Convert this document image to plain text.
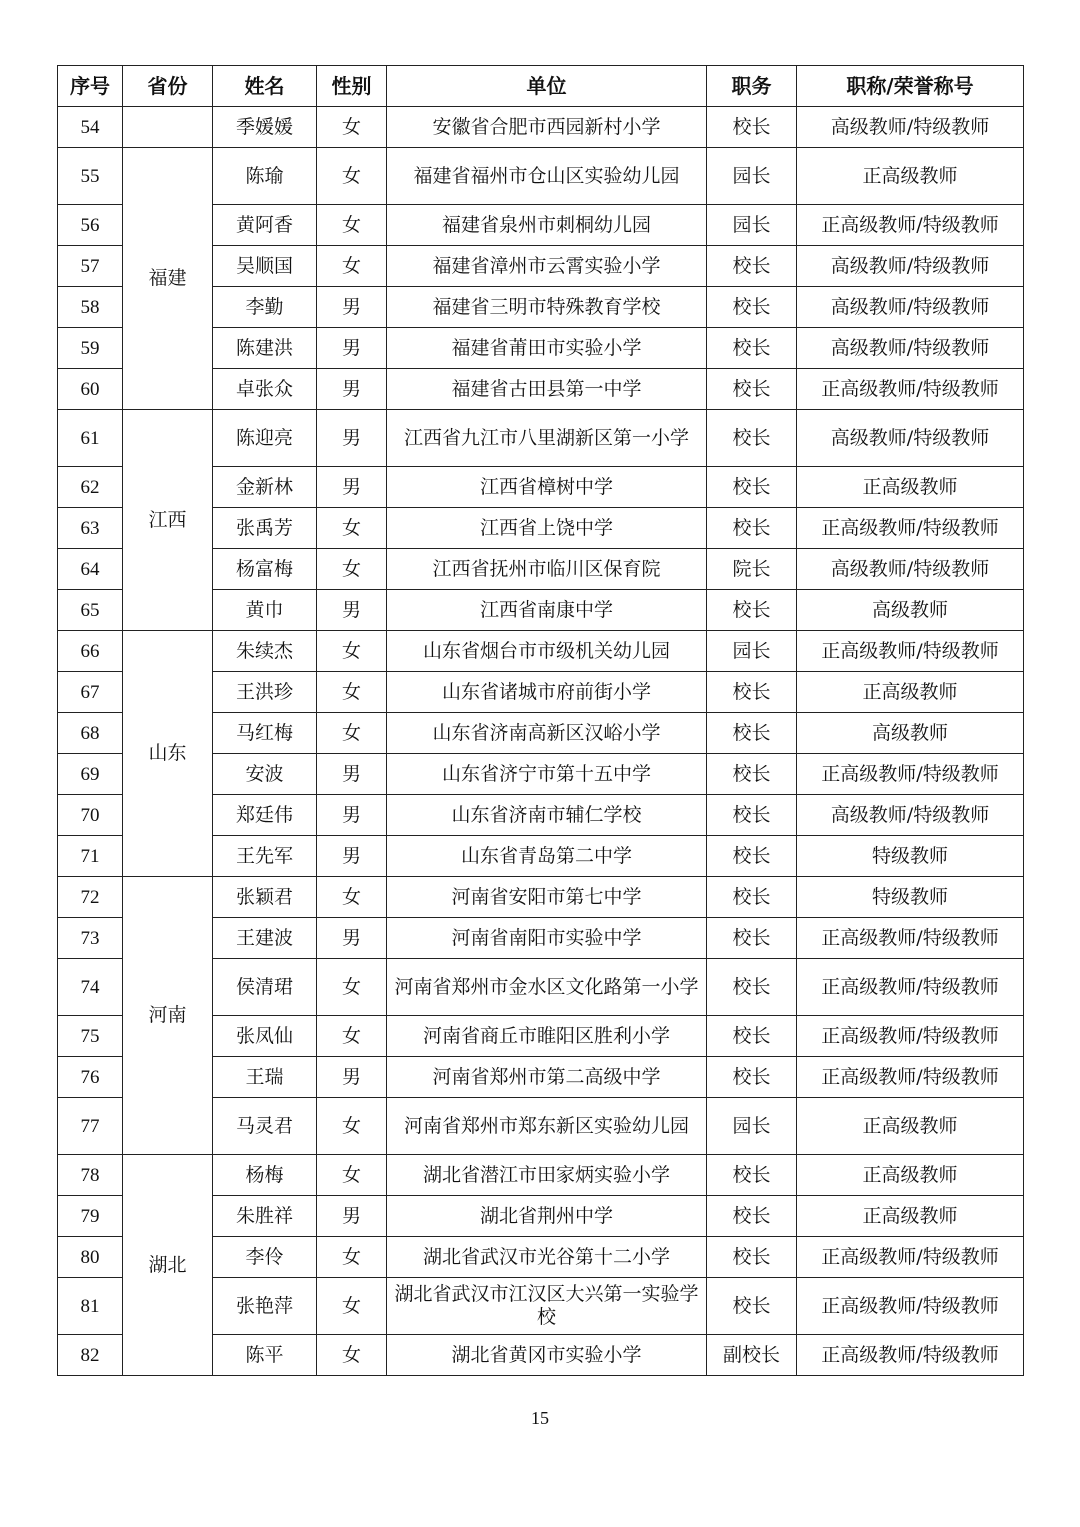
序号	省份	姓名	性别	单位	职务	职称/荣誉称号
54		季媛媛	女	安徽省合肥市西园新村小学	校长	高级教师/特级教师
55	福建	陈瑜	女	福建省福州市仓山区实验幼儿园	园长	正高级教师
56		黄阿香	女	福建省泉州市刺桐幼儿园	园长	正高级教师/特级教师
57		吴顺国	女	福建省漳州市云霄实验小学	校长	高级教师/特级教师
58		李勤	男	福建省三明市特殊教育学校	校长	高级教师/特级教师
59		陈建洪	男	福建省莆田市实验小学	校长	高级教师/特级教师
60		卓张众	男	福建省古田县第一中学	校长	正高级教师/特级教师
61	江西	陈迎亮	男	江西省九江市八里湖新区第一小学	校长	高级教师/特级教师
62		金新林	男	江西省樟树中学	校长	正高级教师
63		张禹芳	女	江西省上饶中学	校长	正高级教师/特级教师
64		杨富梅	女	江西省抚州市临川区保育院	院长	高级教师/特级教师
65		黄巾	男	江西省南康中学	校长	高级教师
66	山东	朱续杰	女	山东省烟台市市级机关幼儿园	园长	正高级教师/特级教师
67		王洪珍	女	山东省诸城市府前街小学	校长	正高级教师
68		马红梅	女	山东省济南高新区汉峪小学	校长	高级教师
69		安波	男	山东省济宁市第十五中学	校长	正高级教师/特级教师
70		郑廷伟	男	山东省济南市辅仁学校	校长	高级教师/特级教师
71		王先军	男	山东省青岛第二中学	校长	特级教师
72	河南	张颖君	女	河南省安阳市第七中学	校长	特级教师
73		王建波	男	河南省南阳市实验中学	校长	正高级教师/特级教师
74		侯清珺	女	河南省郑州市金水区文化路第一小学	校长	正高级教师/特级教师
75		张凤仙	女	河南省商丘市睢阳区胜利小学	校长	正高级教师/特级教师
76		王瑞	男	河南省郑州市第二高级中学	校长	正高级教师/特级教师
77		马灵君	女	河南省郑州市郑东新区实验幼儿园	园长	正高级教师
78	湖北	杨梅	女	湖北省潜江市田家炳实验小学	校长	正高级教师
79		朱胜祥	男	湖北省荆州中学	校长	正高级教师
80		李伶	女	湖北省武汉市光谷第十二小学	校长	正高级教师/特级教师
81		张艳萍	女	湖北省武汉市江汉区大兴第一实验学校	校长	正高级教师/特级教师
82		陈平	女	湖北省黄冈市实验小学	副校长	正高级教师/特级教师
15
